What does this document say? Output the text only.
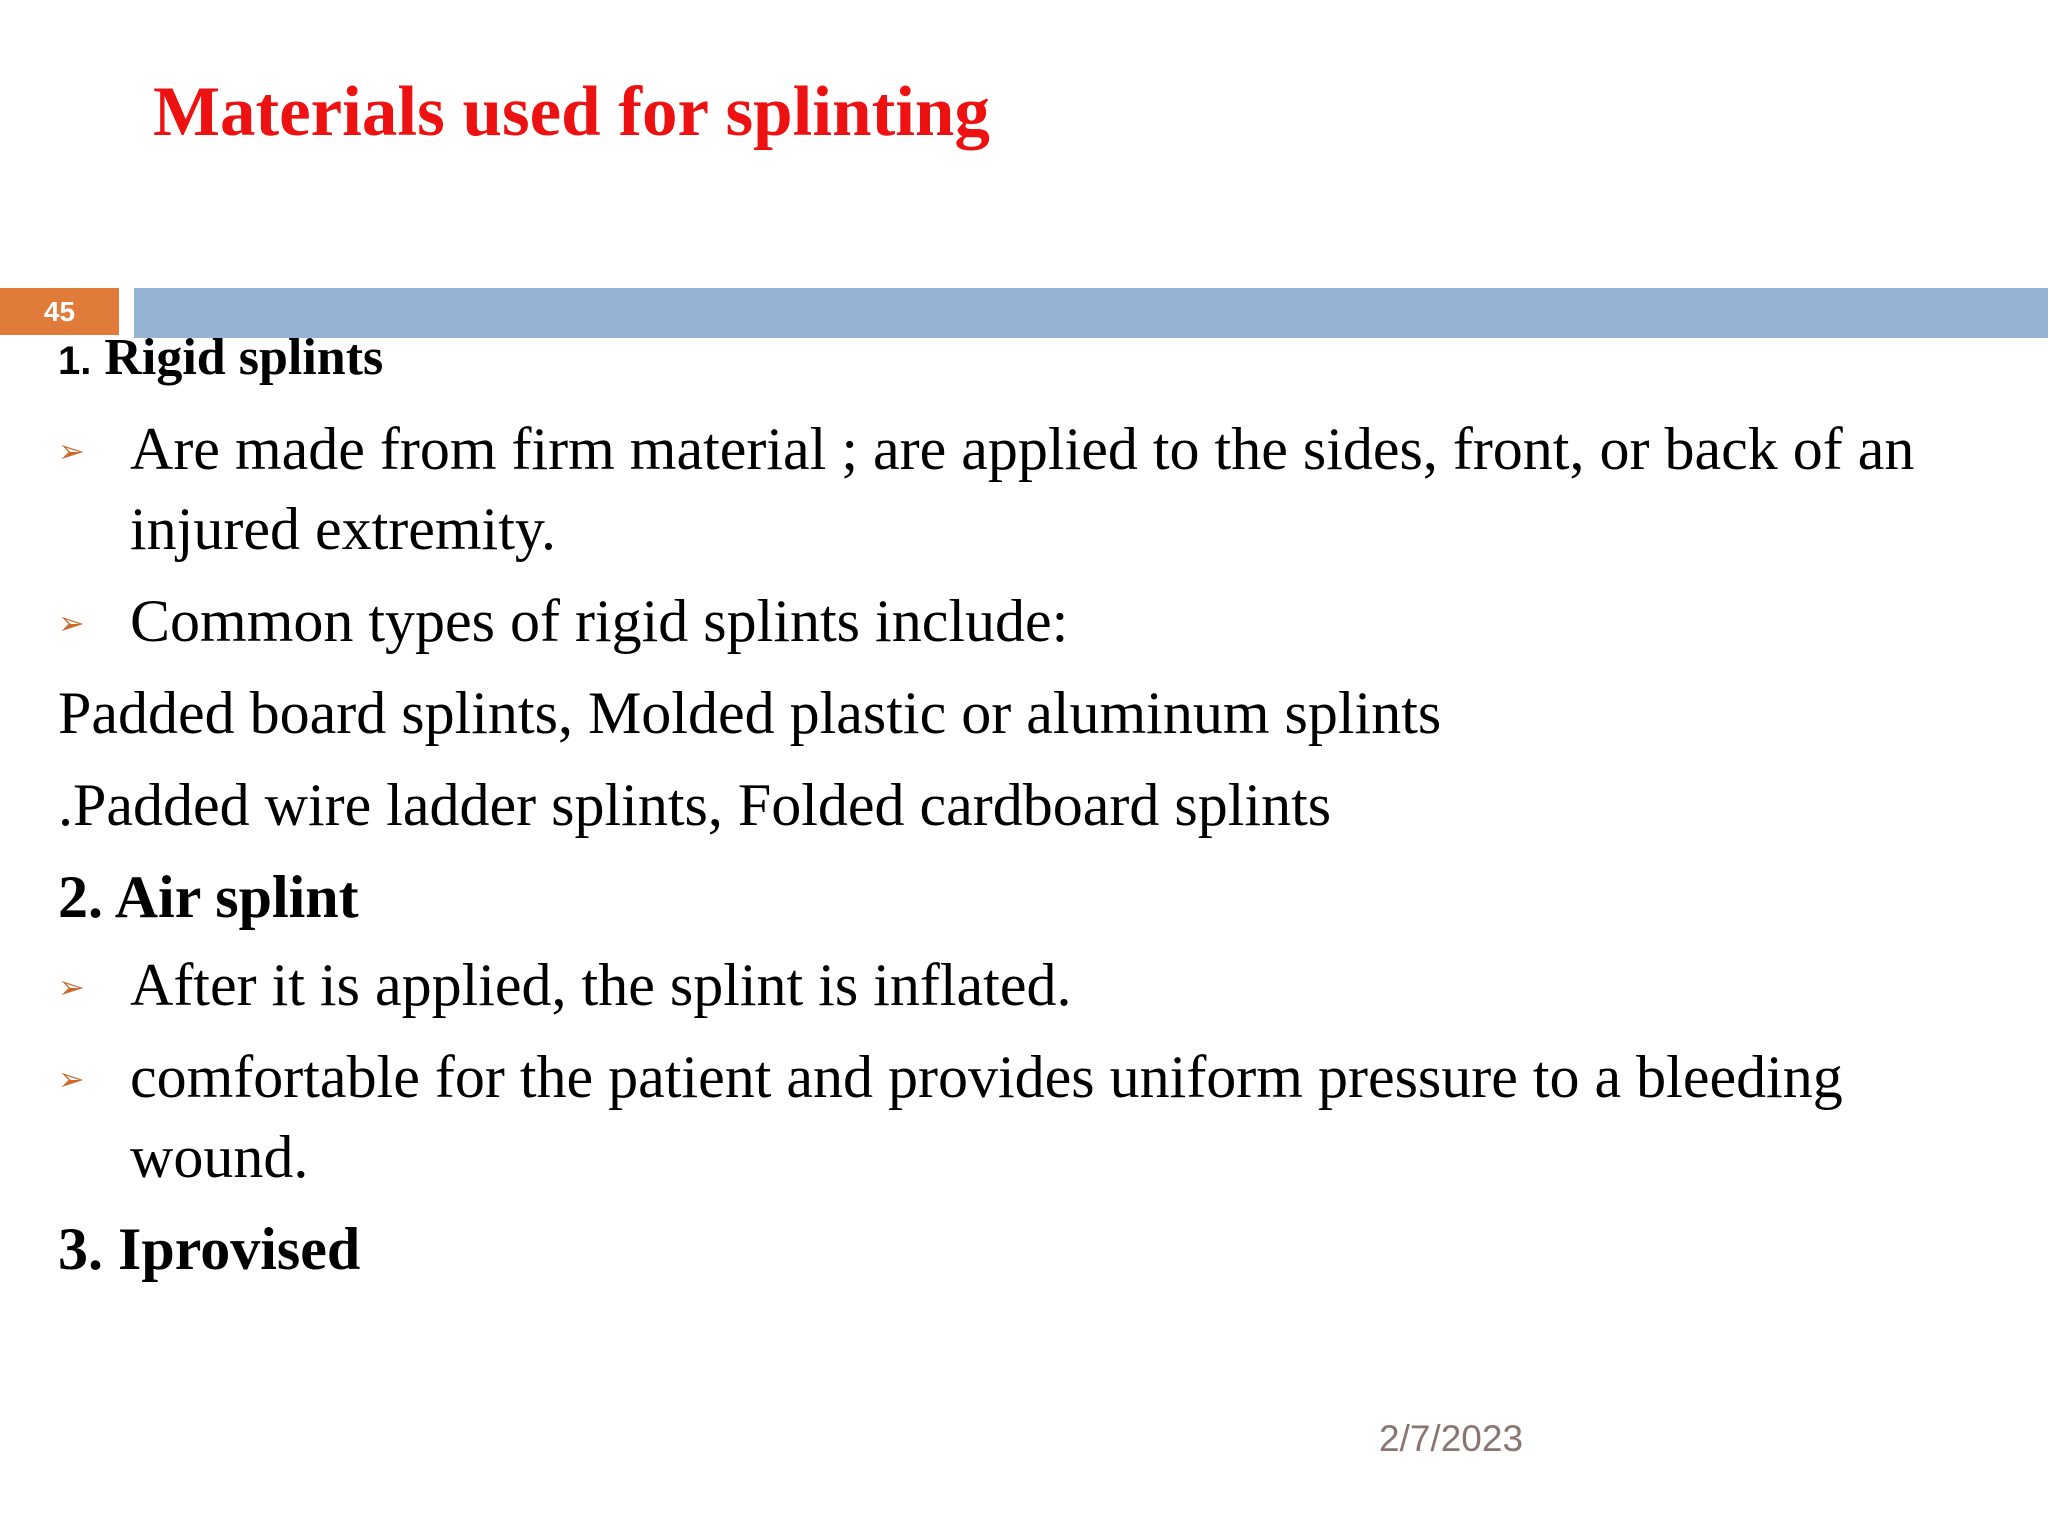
Materials used for splinting
45

1. Rigid splints

➢ Are made from firm material ; are applied to the sides, front, or back of an injured extremity.
➢ Common types of rigid splints include:

Padded board splints, Molded plastic or aluminum splints

.Padded wire ladder splints, Folded cardboard splints

2. Air splint

➢ After it is applied, the splint is inflated.
➢ comfortable for the patient and provides uniform pressure to a bleeding wound.

3. Iprovised

2/7/2023
